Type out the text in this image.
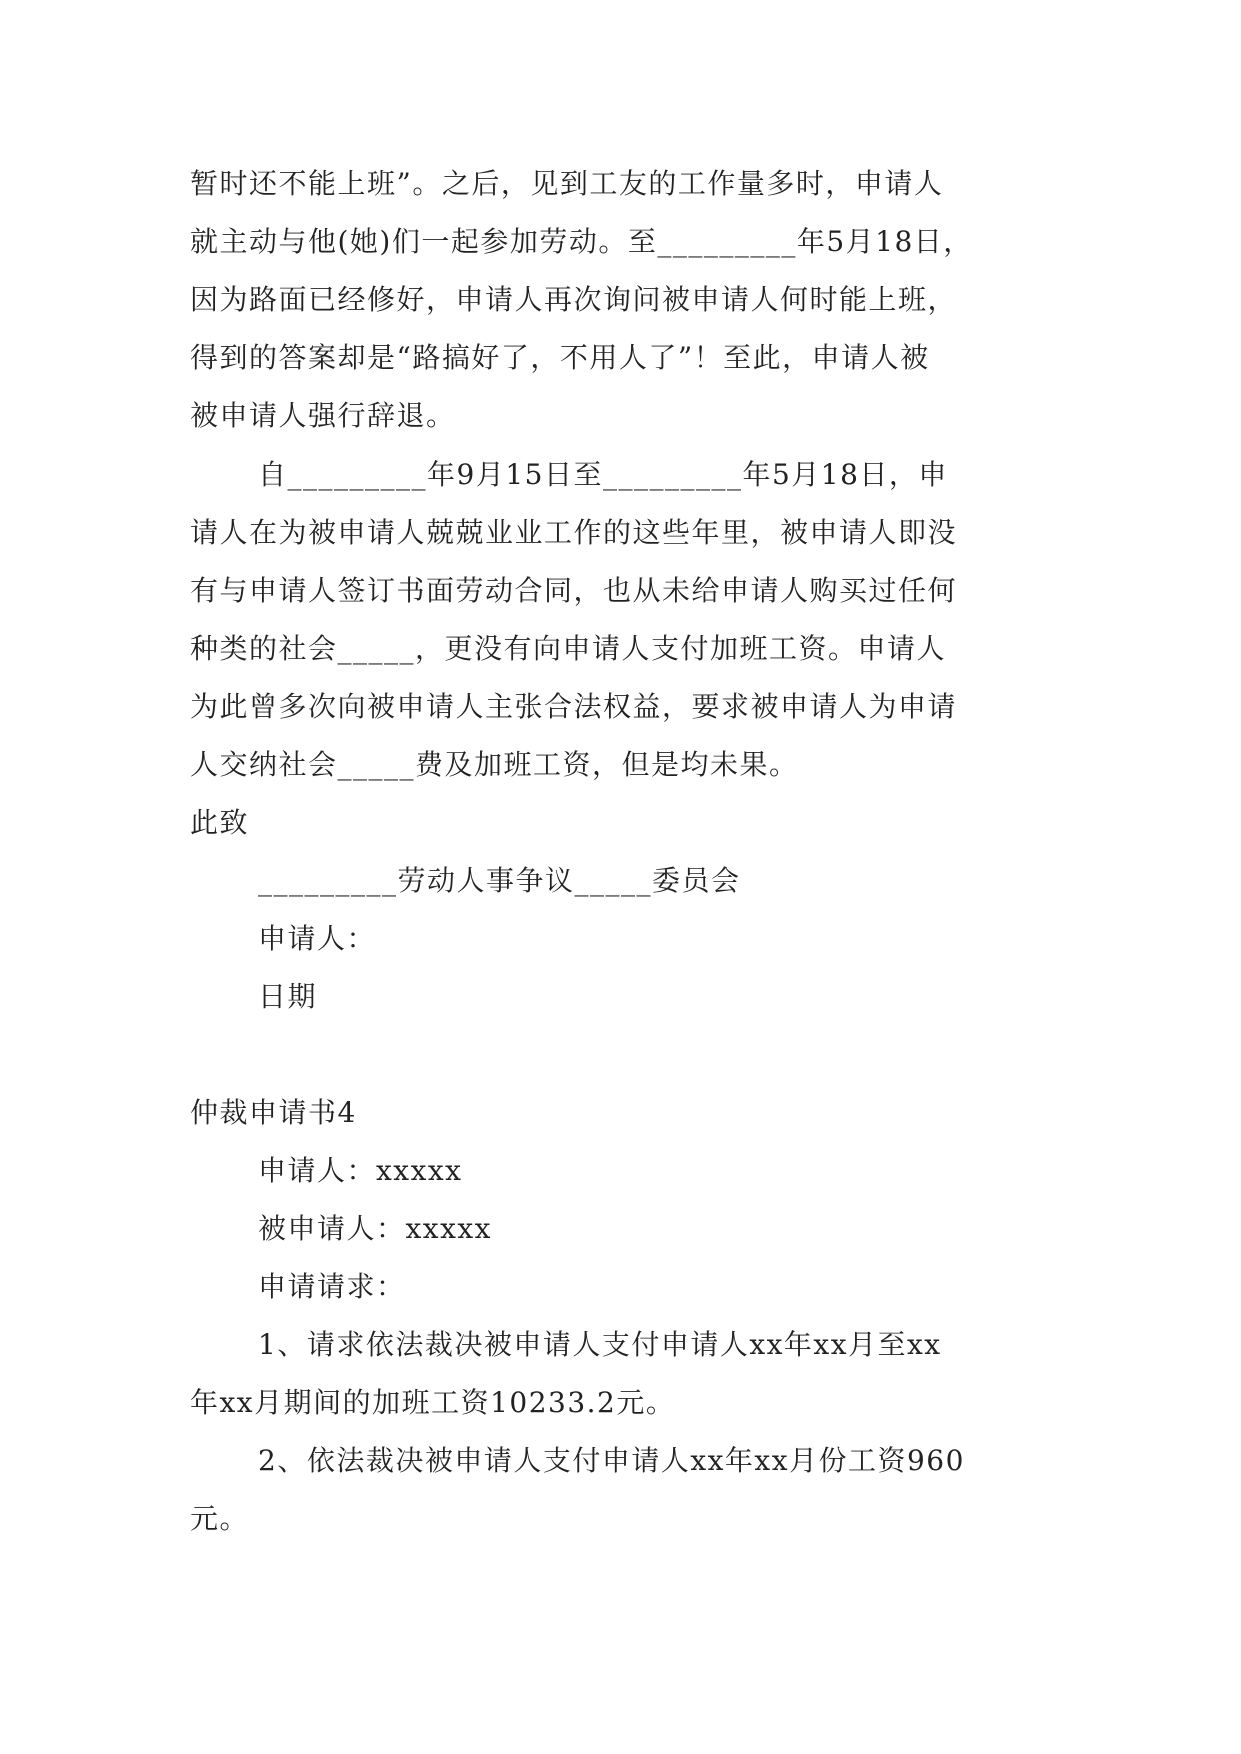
暂时还不能上班”。之后，见到工友的工作量多时，申请人
就主动与他(她)们一起参加劳动。至_________年5月18日，
因为路面已经修好，申请人再次询问被申请人何时能上班，
得到的答案却是“路搞好了，不用人了”！至此，申请人被
被申请人强行辞退。
自_________年9月15日至_________年5月18日，申
请人在为被申请人兢兢业业工作的这些年里，被申请人即没
有与申请人签订书面劳动合同，也从未给申请人购买过任何
种类的社会_____，更没有向申请人支付加班工资。申请人
为此曾多次向被申请人主张合法权益，要求被申请人为申请
人交纳社会_____费及加班工资，但是均未果。
此致
_________劳动人事争议_____委员会
申请人：
日期
仲裁申请书4
申请人：xxxxx
被申请人：xxxxx
申请请求：
1、请求依法裁决被申请人支付申请人xx年xx月至xx
年xx月期间的加班工资10233.2元。
2、依法裁决被申请人支付申请人xx年xx月份工资960
元。
